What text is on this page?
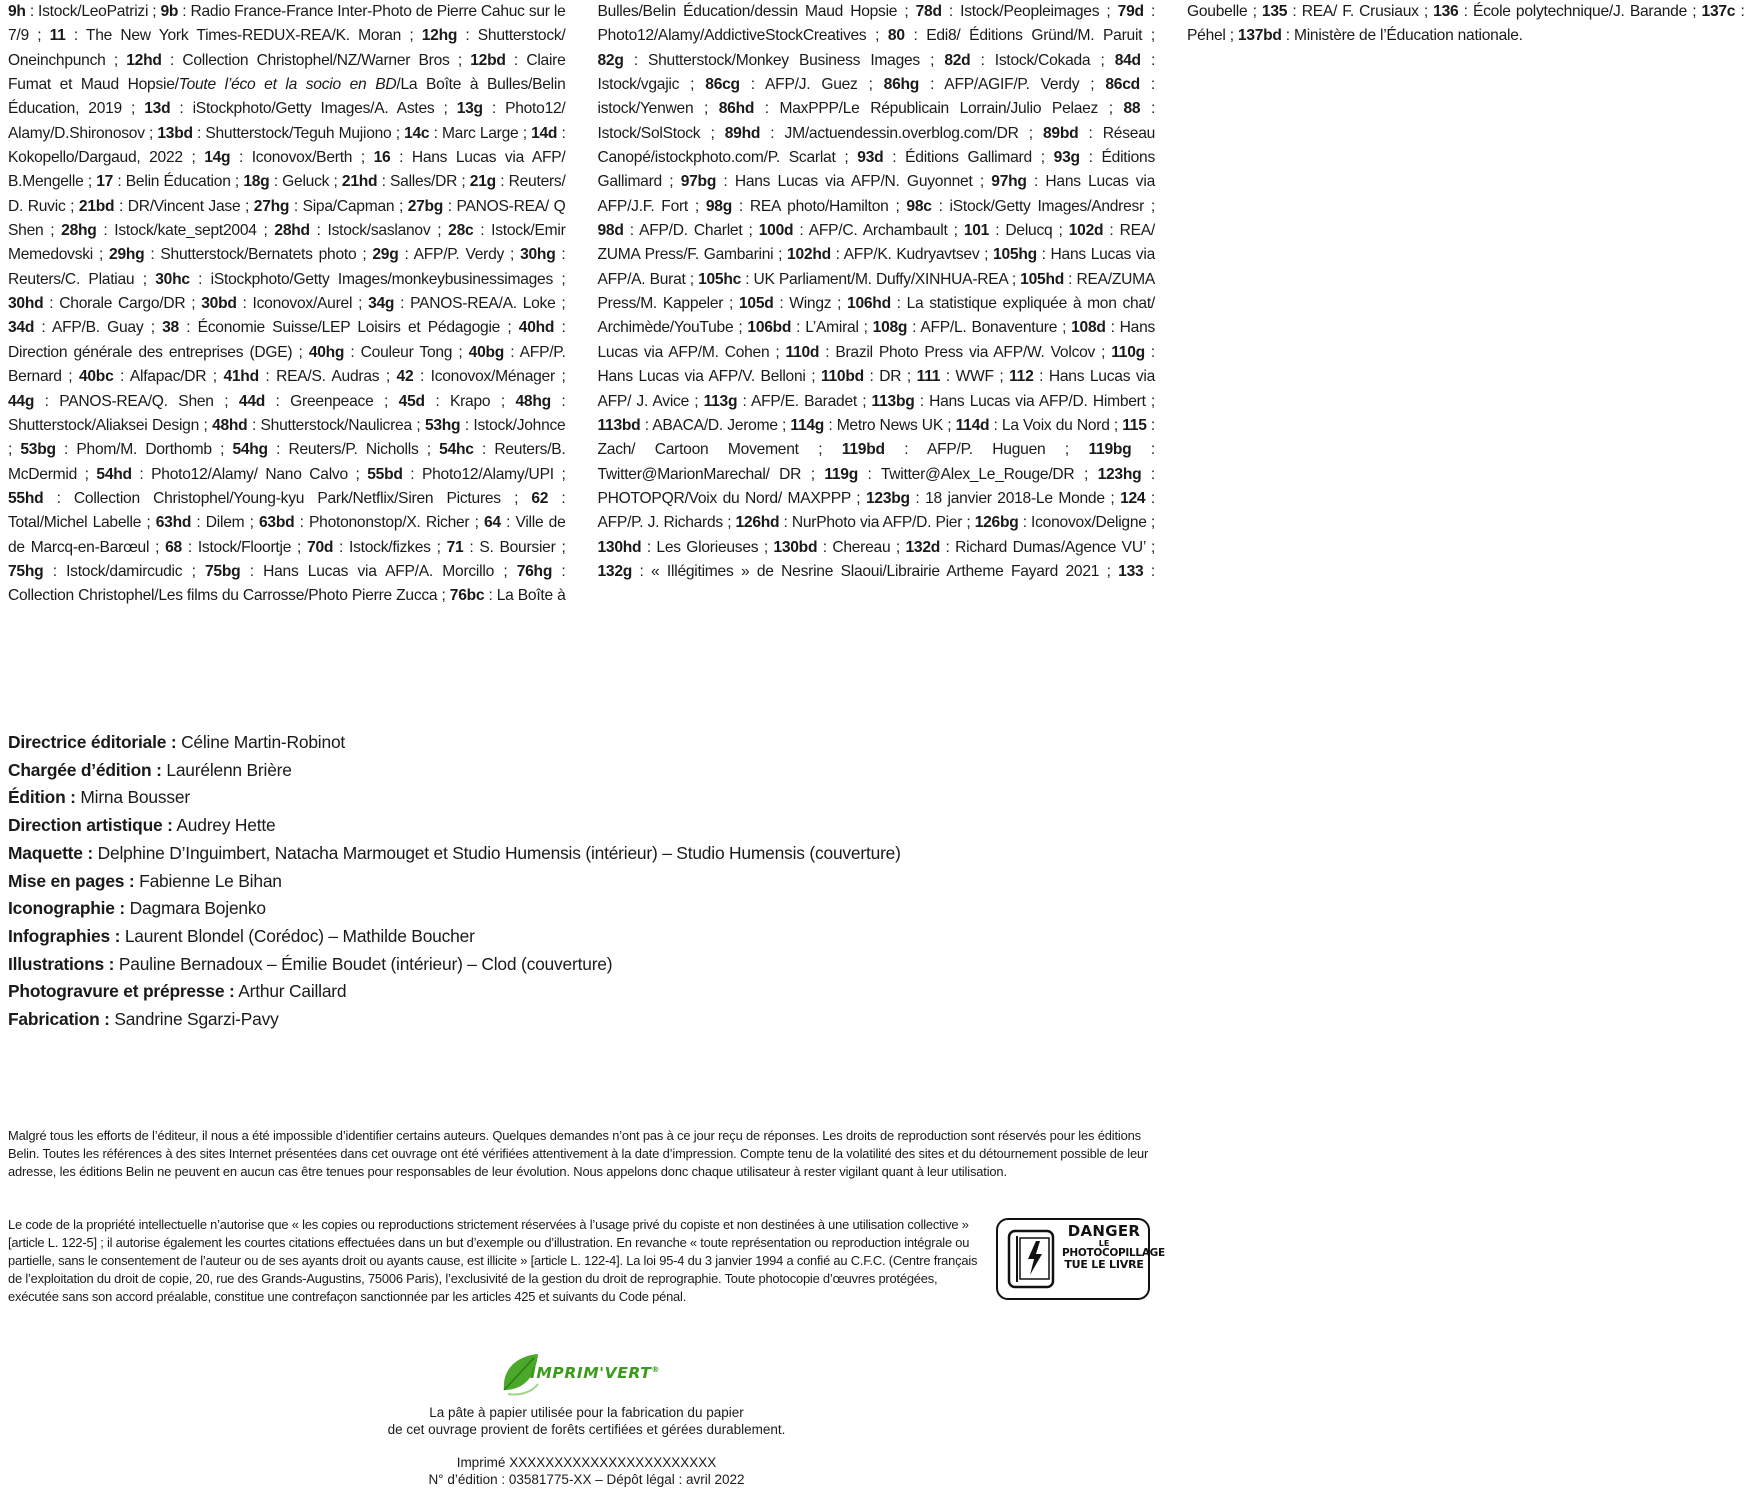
9h : Istock/LeoPatrizi ; 9b : Radio France-France Inter-Photo de Pierre Cahuc sur le 7/9 ; 11 : The New York Times-REDUX-REA/K. Moran ; 12hg : Shutterstock/ Oneinchpunch ; 12hd : Collection Christophel/NZ/Warner Bros ; 12bd : Claire Fumat et Maud Hopsie/Toute l’éco et la socio en BD/La Boîte à Bulles/Belin Éducation, 2019 ; 13d : iStockphoto/Getty Images/A. Astes ; 13g : Photo12/ Alamy/D.Shironosov ; 13bd : Shutterstock/Teguh Mujiono ; 14c : Marc Large ; 14d : Kokopello/Dargaud, 2022 ; 14g : Iconovox/Berth ; 16 : Hans Lucas via AFP/ B.Mengelle ; 17 : Belin Éducation ; 18g : Geluck ; 21hd : Salles/DR ; 21g : Reuters/ D. Ruvic ; 21bd : DR/Vincent Jase ; 27hg : Sipa/Capman ; 27bg : PANOS-REA/ Q Shen ; 28hg : Istock/kate_sept2004 ; 28hd : Istock/saslanov ; 28c : Istock/Emir Memedovski ; 29hg : Shutterstock/Bernatets photo ; 29g : AFP/P. Verdy ; 30hg : Reuters/C. Platiau ; 30hc : iStockphoto/Getty Images/monkeybusinessimages ; 30hd : Chorale Cargo/DR ; 30bd : Iconovox/Aurel ; 34g : PANOS-REA/A. Loke ; 34d : AFP/B. Guay ; 38 : Économie Suisse/LEP Loisirs et Pédagogie ; 40hd : Direction générale des entreprises (DGE) ; 40hg : Couleur Tong ; 40bg : AFP/P. Bernard ; 40bc : Alfapac/DR ; 41hd : REA/S. Audras ; 42 : Iconovox/Ménager ; 44g : PANOS-REA/Q. Shen ; 44d : Greenpeace ; 45d : Krapo ; 48hg : Shutterstock/Aliaksei Design ; 48hd : Shutterstock/Naulicrea ; 53hg : Istock/Johnce ; 53bg : Phom/M. Dorthomb ; 54hg : Reuters/P. Nicholls ; 54hc : Reuters/B. McDermid ; 54hd : Photo12/Alamy/ Nano Calvo ; 55bd : Photo12/Alamy/UPI ; 55hd : Collection Christophel/Young-kyu Park/Netflix/Siren Pictures ; 62 : Total/Michel Labelle ; 63hd : Dilem ; 63bd : Photononstop/X. Richer ; 64 : Ville de de Marcq-en-Barœul ; 68 : Istock/Floortje ; 70d : Istock/fizkes ; 71 : S. Boursier ; 75hg : Istock/damircudic ; 75bg : Hans Lucas via AFP/A. Morcillo ; 76hg : Collection Christophel/Les films du Carrosse/Photo Pierre Zucca ; 76bc : La Boîte à Bulles/Belin Éducation/dessin Maud Hopsie ; 78d : Istock/Peopleimages ; 79d : Photo12/Alamy/AddictiveStockCreatives ; 80 : Edi8/ Éditions Gründ/M. Paruit ; 82g : Shutterstock/Monkey Business Images ; 82d : Istock/Cokada ; 84d : Istock/vgajic ; 86cg : AFP/J. Guez ; 86hg : AFP/AGIF/P. Verdy ; 86cd : istock/Yenwen ; 86hd : MaxPPP/Le Républicain Lorrain/Julio Pelaez ; 88 : Istock/SolStock ; 89hd : JM/actuendessin.overblog.com/DR ; 89bd : Réseau Canopé/istockphoto.com/P. Scarlat ; 93d : Éditions Gallimard ; 93g : Éditions Gallimard ; 97bg : Hans Lucas via AFP/N. Guyonnet ; 97hg : Hans Lucas via AFP/J.F. Fort ; 98g : REA photo/Hamilton ; 98c : iStock/Getty Images/Andresr ; 98d : AFP/D. Charlet ; 100d : AFP/C. Archambault ; 101 : Delucq ; 102d : REA/ ZUMA Press/F. Gambarini ; 102hd : AFP/K. Kudryavtsev ; 105hg : Hans Lucas via AFP/A. Burat ; 105hc : UK Parliament/M. Duffy/XINHUA-REA ; 105hd : REA/ZUMA Press/M. Kappeler ; 105d : Wingz ; 106hd : La statistique expliquée à mon chat/ Archimède/YouTube ; 106bd : L’Amiral ; 108g : AFP/L. Bonaventure ; 108d : Hans Lucas via AFP/M. Cohen ; 110d : Brazil Photo Press via AFP/W. Volcov ; 110g : Hans Lucas via AFP/V. Belloni ; 110bd : DR ; 111 : WWF ; 112 : Hans Lucas via AFP/ J. Avice ; 113g : AFP/E. Baradet ; 113bg : Hans Lucas via AFP/D. Himbert ; 113bd : ABACA/D. Jerome ; 114g : Metro News UK ; 114d : La Voix du Nord ; 115 : Zach/ Cartoon Movement ; 119bd : AFP/P. Huguen ; 119bg : Twitter@MarionMarechal/ DR ; 119g : Twitter@Alex_Le_Rouge/DR ; 123hg : PHOTOPQR/Voix du Nord/ MAXPPP ; 123bg : 18 janvier 2018-Le Monde ; 124 : AFP/P. J. Richards ; 126hd : NurPhoto via AFP/D. Pier ; 126bg : Iconovox/Deligne ; 130hd : Les Glorieuses ; 130bd : Chereau ; 132d : Richard Dumas/Agence VU’ ; 132g : « Illégitimes » de Nesrine Slaoui/Librairie Artheme Fayard 2021 ; 133 : Goubelle ; 135 : REA/ F. Crusiaux ; 136 : École polytechnique/J. Barande ; 137c : Péhel ; 137bd : Ministère de l’Éducation nationale.
Directrice éditoriale : Céline Martin-Robinot
Chargée d’édition : Laurélenn Brière
Édition : Mirna Bousser
Direction artistique : Audrey Hette
Maquette : Delphine D’Inguimbert, Natacha Marmouget et Studio Humensis (intérieur) – Studio Humensis (couverture)
Mise en pages : Fabienne Le Bihan
Iconographie : Dagmara Bojenko
Infographies : Laurent Blondel (Corédoc) – Mathilde Boucher
Illustrations : Pauline Bernadoux – Émilie Boudet (intérieur) – Clod (couverture)
Photogravure et prépresse : Arthur Caillard
Fabrication : Sandrine Sgarzi-Pavy
Malgré tous les efforts de l’éditeur, il nous a été impossible d’identifier certains auteurs. Quelques demandes n’ont pas à ce jour reçu de réponses. Les droits de reproduction sont réservés pour les éditions Belin. Toutes les références à des sites Internet présentées dans cet ouvrage ont été vérifiées attentivement à la date d’impression. Compte tenu de la volatilité des sites et du détournement possible de leur adresse, les éditions Belin ne peuvent en aucun cas être tenues pour responsables de leur évolution. Nous appelons donc chaque utilisateur à rester vigilant quant à leur utilisation.
Le code de la propriété intellectuelle n’autorise que « les copies ou reproductions strictement réservées à l’usage privé du copiste et non destinées à une utilisation collective » [article L. 122-5] ; il autorise également les courtes citations effectuées dans un but d’exemple ou d’illustration. En revanche « toute représentation ou reproduction intégrale ou partielle, sans le consentement de l’auteur ou de ses ayants droit ou ayants cause, est illicite » [article L. 122-4]. La loi 95-4 du 3 janvier 1994 a confié au C.F.C. (Centre français de l’exploitation du droit de copie, 20, rue des Grands-Augustins, 75006 Paris), l’exclusivité de la gestion du droit de reprographie. Toute photocopie d’œuvres protégées, exécutée sans son accord préalable, constitue une contrefaçon sanctionnée par les articles 425 et suivants du Code pénal.
DANGER
LE
PHOTOCOPILLAGE
TUE LE LIVRE
IMPRIM'VERT®
La pâte à papier utilisée pour la fabrication du papier
de cet ouvrage provient de forêts certifiées et gérées durablement.
Imprimé XXXXXXXXXXXXXXXXXXXXXXX
N° d’édition : 03581775-XX – Dépôt légal : avril 2022
